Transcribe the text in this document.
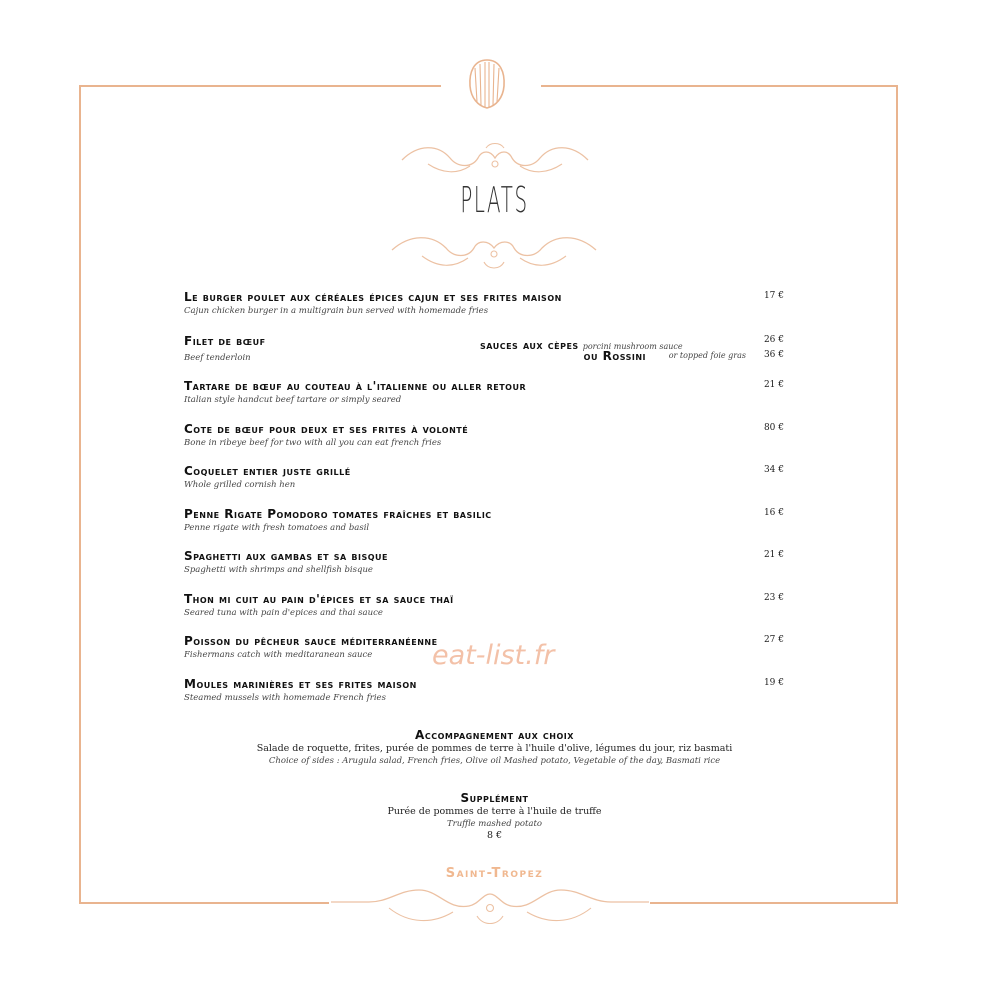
PLATS
Le burger poulet aux céréales épices cajun et ses frites maison
Cajun chicken burger in a multigrain bun served with homemade fries
17 €
Filet de bœuf
Beef tenderloin
sauces aux cèpes porcini mushroom sauce
26 €
ou Rossini	or topped foie gras 36 €
Tartare de bœuf au couteau à l'italienne ou aller retour
Italian style handcut beef tartare or simply seared
21 €
Cote de bœuf pour deux et ses frites à volonté
Bone in ribeye beef for two with all you can eat french fries
80 €
Coquelet entier juste grillé
Whole grilled cornish hen
34 €
Penne Rigate Pomodoro tomates fraîches et basilic
Penne rigate with fresh tomatoes and basil
16 €
Spaghetti aux gambas et sa bisque
Spaghetti with shrimps and shellfish bisque
21 €
Thon mi cuit au pain d'épices et sa sauce thaï
Seared tuna with pain d'epices and thai sauce
23 €
Poisson du pêcheur sauce méditerranéenne
Fishermans catch with meditaranean sauce
27 €
eat-list.fr
Moules marinières et ses frites maison
Steamed mussels with homemade French fries
19 €
Accompagnement aux choix
Salade de roquette, frites, purée de pommes de terre à l'huile d'olive, légumes du jour, riz basmati
Choice of sides : Arugula salad, French fries, Olive oil Mashed potato, Vegetable of the day, Basmati rice
Supplément
Purée de pommes de terre à l'huile de truffe
Truffle mashed potato
8 €
Saint-Tropez
